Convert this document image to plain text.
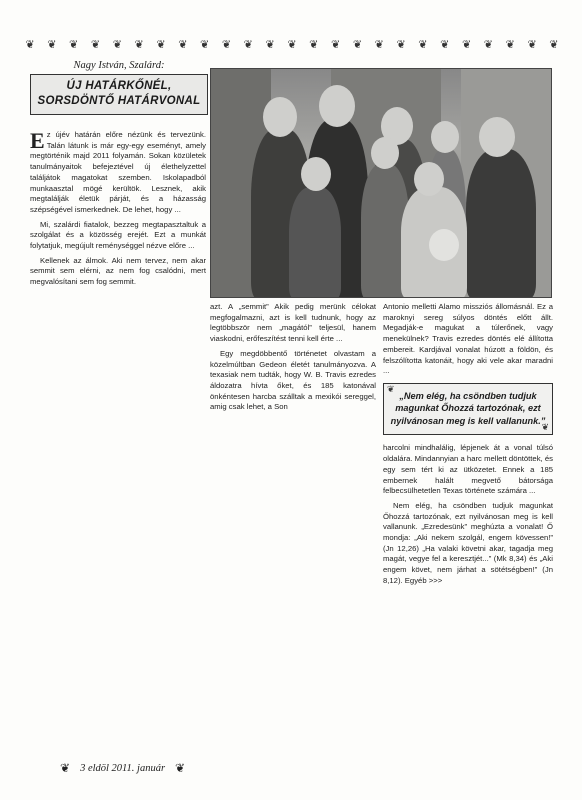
❦	❦	❦	❦	❦	❦	❦	❦	❦	❦	❦	❦	❦	❦	❦	❦	❦	❦	❦	❦	❦	❦	❦	❦	❦
Nagy István, Szalárd:
ÚJ HATÁRKŐNÉL,
SORSDÖNTŐ HATÁRVONAL

Ez újév határán előre nézünk és tervezünk. Talán látunk is már egy-egy eseményt, amely megtörténik majd 2011 folyamán. Sokan közületek tanulmányaitok befejeztével új élethelyzettel találjátok magatokat szemben. Iskolapadból munkaasztal mögé kerültök. Lesznek, akik megtalálják életük párját, és a házasság szépségével ismerkednek. De lehet, hogy ...

Mi, szalárdi fiatalok, bezzeg megtapasztaltuk a szolgálat és a közösség erejét. Ezt a munkát folytatjuk, megújult reménységgel nézve előre ...

Kellenek az álmok. Aki nem tervez, nem akar semmit sem elérni, az nem fog csalódni, mert megvalósítani sem fog semmit.

azt. A „semmit” Akik pedig merünk célokat megfogalmazni, azt is kell tudnunk, hogy az legtöbbször nem „magától” teljesül, hanem viaskodni, erőfeszítést tenni kell érte ...

Egy megdöbbentő történetet olvastam a közelmúltban Gedeon életét tanulmányozva. A texasiak nem tudták, hogy W. B. Travis ezredes áldozatra hívta őket, és 185 katonával önkéntesen harcba szálltak a mexikói sereggel, amig csak lehet, a Son

Antonio melletti Alamo missziós állomásnál. Ez a maroknyi sereg súlyos döntés előtt állt. Megadják-e magukat a túlerőnek, vagy menekülnek? Travis ezredes döntés elé állította embereit. Kardjával vonalat húzott a földön, és felszólította katonáit, hogy aki vele akar maradni ...

❦
❦
„Nem elég, ha csöndben tudjuk magunkat Őhozzá tartozónak, ezt nyilvánosan meg is kell vallanunk.”

harcolni mindhalálig, lépjenek át a vonal túlsó oldalára. Mindannyian a harc mellett döntöttek, és egy sem tért ki az ütközetet. Ennek a 185 embernek halált megvető bátorsága felbecsülhetetlen Texas története számára ...

Nem elég, ha csöndben tudjuk magunkat Őhozzá tartozónak, ezt nyilvánosan meg is kell vallanunk. „Ezredesünk” meghúzta a vonalat! Ő mondja: „Aki nekem szolgál, engem kövessen!” (Jn 12,26) „Ha valaki követni akar, tagadja meg magát, vegye fel a keresztjét...” (Mk 8,34) és „Aki engem követ, nem járhat a sötétségben!” (Jn 8,12). Egyéb >>>

❦ 3 eldöl 2011. január ❦
